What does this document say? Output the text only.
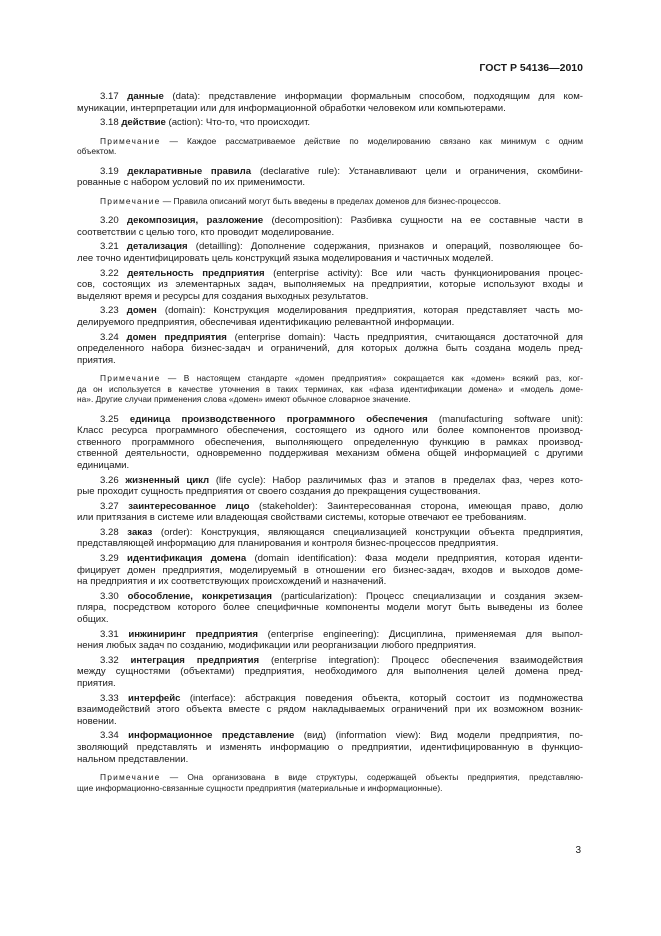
ГОСТ Р 54136—2010
3.17 данные (data): представление информации формальным способом, подходящим для ком-
муникации, интерпретации или для информационной обработки человеком или компьютерами.
3.18 действие (action): Что-то, что происходит.
Примечание — Каждое рассматриваемое действие по моделированию связано как минимум с одним
объектом.
3.19 декларативные правила (declarative rule): Устанавливают цели и ограничения, скомбини-
рованные с набором условий по их применимости.
Примечание — Правила описаний могут быть введены в пределах доменов для бизнес-процессов.
3.20 декомпозиция, разложение (decomposition): Разбивка сущности на ее составные части в
соответствии с целью того, кто проводит моделирование.
3.21 детализация (detailling): Дополнение содержания, признаков и операций, позволяющее бо-
лее точно идентифицировать цель конструкций языка моделирования и частичных моделей.
3.22 деятельность предприятия (enterprise activity): Все или часть функционирования процес-
сов, состоящих из элементарных задач, выполняемых на предприятии, которые используют входы и
выделяют время и ресурсы для создания выходных результатов.
3.23 домен (domain): Конструкция моделирования предприятия, которая представляет часть мо-
делируемого предприятия, обеспечивая идентификацию релевантной информации.
3.24 домен предприятия (enterprise domain): Часть предприятия, считающаяся достаточной для
определенного набора бизнес-задач и ограничений, для которых должна быть создана модель пред-
приятия.
Примечание — В настоящем стандарте «домен предприятия» сокращается как «домен» всякий раз, ког-
да он используется в качестве уточнения в таких терминах, как «фаза идентификации домена» и «модель доме-
на». Другие случаи применения слова «домен» имеют обычное словарное значение.
3.25 единица производственного программного обеспечения (manufacturing software unit):
Класс ресурса программного обеспечения, состоящего из одного или более компонентов производ-
ственного программного обеспечения, выполняющего определенную функцию в рамках производ-
ственной деятельности, одновременно поддерживая механизм обмена общей информацией с другими
единицами.
3.26 жизненный цикл (life cycle): Набор различимых фаз и этапов в пределах фаз, через кото-
рые проходит сущность предприятия от своего создания до прекращения существования.
3.27 заинтересованное лицо (stakeholder): Заинтересованная сторона, имеющая право, долю
или притязания в системе или владеющая свойствами системы, которые отвечают ее требованиям.
3.28 заказ (order): Конструкция, являющаяся специализацией конструкции объекта предприятия,
представляющей информацию для планирования и контроля бизнес-процессов предприятия.
3.29 идентификация домена (domain identification): Фаза модели предприятия, которая иденти-
фицирует домен предприятия, моделируемый в отношении его бизнес-задач, входов и выходов доме-
на предприятия и их соответствующих происхождений и назначений.
3.30 обособление, конкретизация (particularization): Процесс специализации и создания экзем-
пляра, посредством которого более специфичные компоненты модели могут быть выведены из более
общих.
3.31 инжиниринг предприятия (enterprise engineering): Дисциплина, применяемая для выпол-
нения любых задач по созданию, модификации или реорганизации любого предприятия.
3.32 интеграция предприятия (enterprise integration): Процесс обеспечения взаимодействия
между сущностями (объектами) предприятия, необходимого для выполнения целей домена пред-
приятия.
3.33 интерфейс (interface): абстракция поведения объекта, который состоит из подмножества
взаимодействий этого объекта вместе с рядом накладываемых ограничений при их возможном возник-
новении.
3.34 информационное представление (вид) (information view): Вид модели предприятия, по-
зволяющий представлять и изменять информацию о предприятии, идентифицированную в функцио-
нальном представлении.
Примечание — Она организована в виде структуры, содержащей объекты предприятия, представляю-
щие информационно-связанные сущности предприятия (материальные и информационные).
3
